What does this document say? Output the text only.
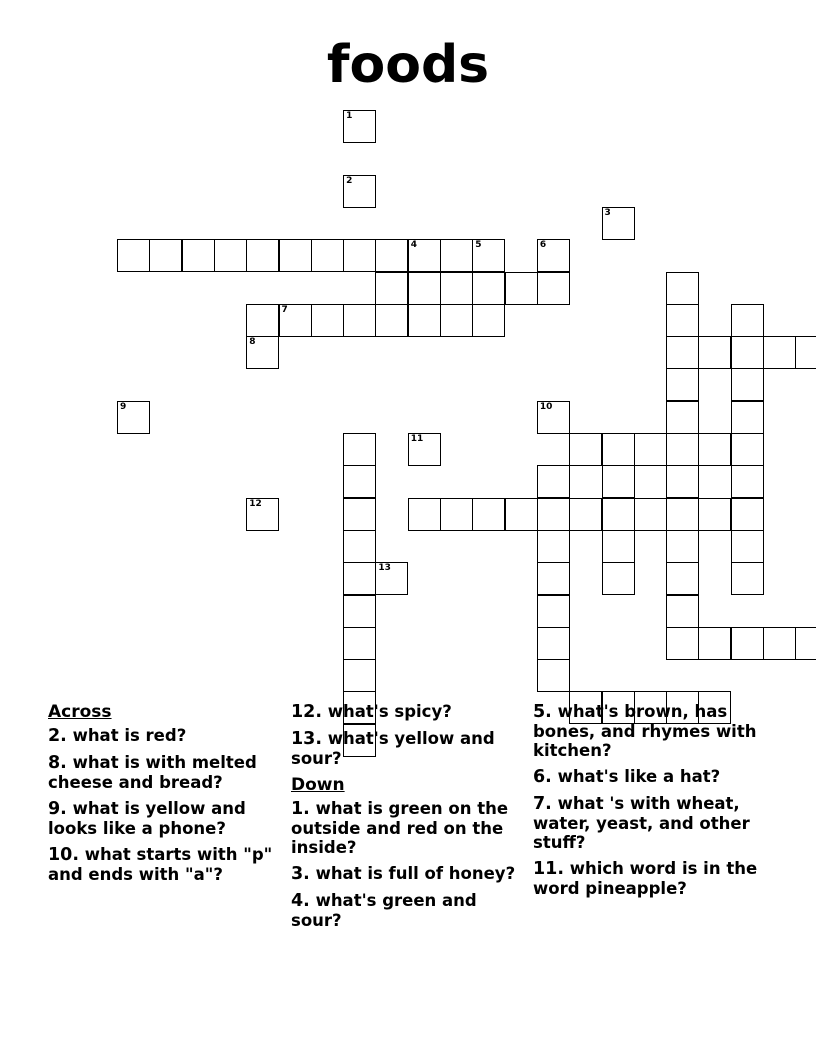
foods
4
7
1
2
3
5	6
8
9	10
11
12
13
Across
2. what is red?
8. what is with melted cheese and bread?
9. what is yellow and looks like a phone?
10. what starts with "p" and ends with "a"?
12. what's spicy?
13. what's yellow and sour?
Down
1. what is green on the outside and red on the inside?
3. what is full of honey?
4. what's green and sour?
5. what's brown, has bones, and rhymes with kitchen?
6. what's like a hat?
7. what 's with wheat, water, yeast, and other stuff?
11. which word is in the word pineapple?
